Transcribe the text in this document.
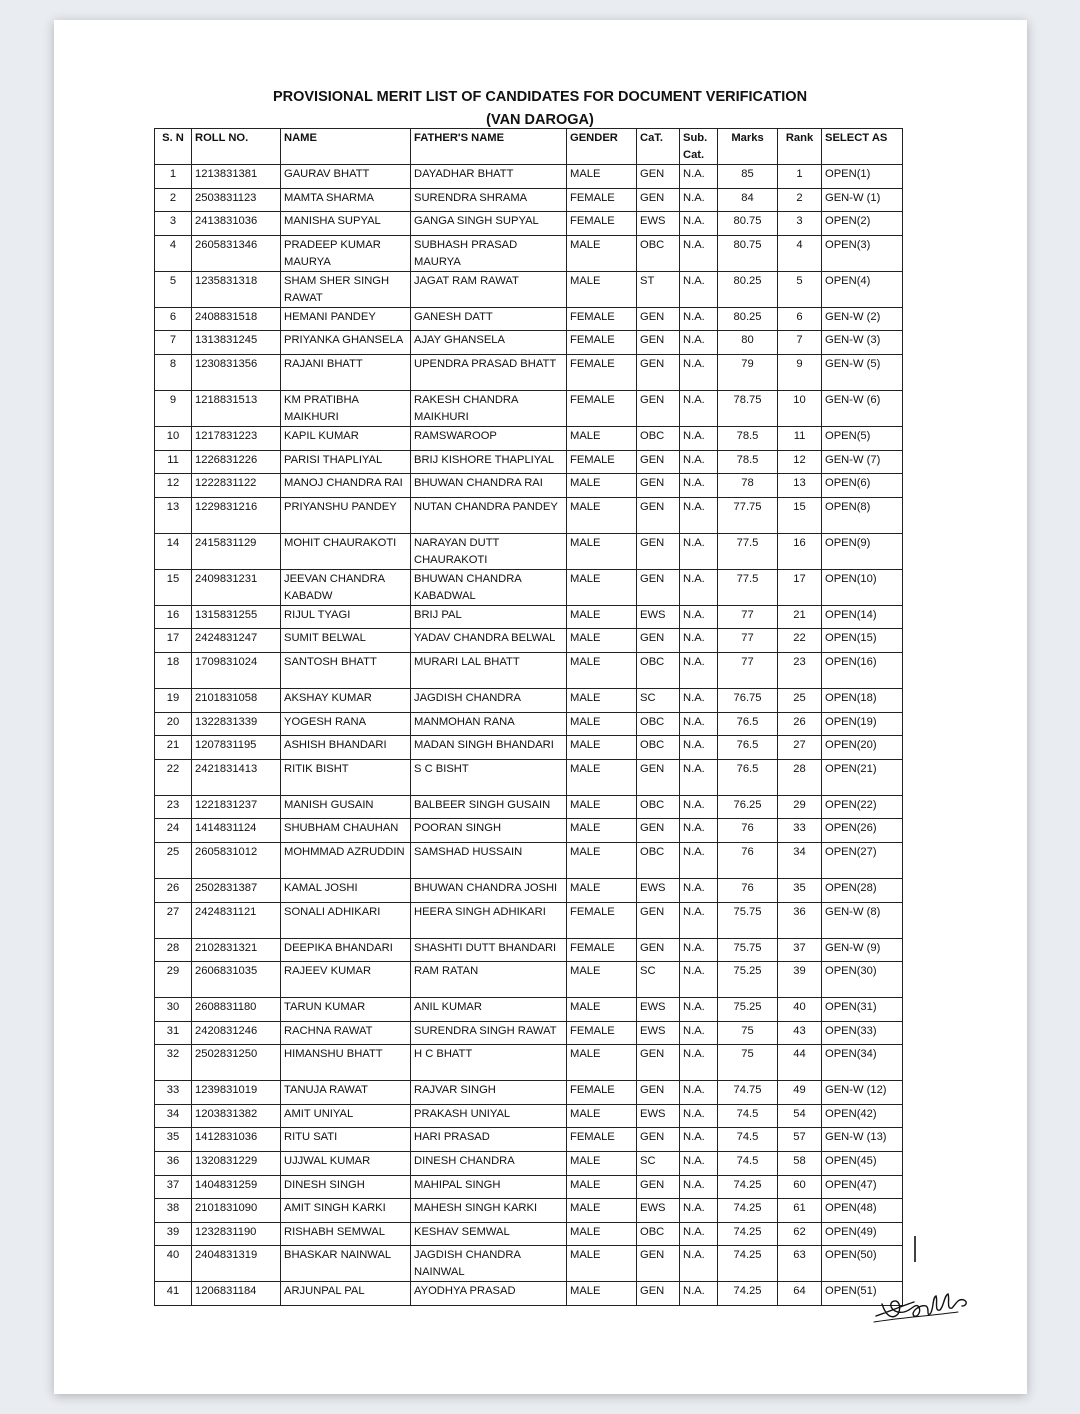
PROVISIONAL MERIT LIST OF CANDIDATES FOR DOCUMENT VERIFICATION
(VAN DAROGA)
S. N	ROLL NO.	NAME	FATHER'S NAME	GENDER	CaT.	Sub. Cat.	Marks	Rank	SELECT AS
1	1213831381	GAURAV BHATT	DAYADHAR BHATT	MALE	GEN	N.A.	85	1	OPEN(1)
2	2503831123	MAMTA SHARMA	SURENDRA SHRAMA	FEMALE	GEN	N.A.	84	2	GEN-W (1)
3	2413831036	MANISHA SUPYAL	GANGA SINGH SUPYAL	FEMALE	EWS	N.A.	80.75	3	OPEN(2)
4	2605831346	PRADEEP KUMAR MAURYA	SUBHASH PRASAD MAURYA	MALE	OBC	N.A.	80.75	4	OPEN(3)
5	1235831318	SHAM SHER SINGH RAWAT	JAGAT RAM RAWAT	MALE	ST	N.A.	80.25	5	OPEN(4)
6	2408831518	HEMANI PANDEY	GANESH DATT	FEMALE	GEN	N.A.	80.25	6	GEN-W (2)
7	1313831245	PRIYANKA GHANSELA	AJAY GHANSELA	FEMALE	GEN	N.A.	80	7	GEN-W (3)
8	1230831356	RAJANI BHATT	UPENDRA PRASAD BHATT	FEMALE	GEN	N.A.	79	9	GEN-W (5)
9	1218831513	KM PRATIBHA MAIKHURI	RAKESH CHANDRA MAIKHURI	FEMALE	GEN	N.A.	78.75	10	GEN-W (6)
10	1217831223	KAPIL KUMAR	RAMSWAROOP	MALE	OBC	N.A.	78.5	11	OPEN(5)
11	1226831226	PARISI THAPLIYAL	BRIJ KISHORE THAPLIYAL	FEMALE	GEN	N.A.	78.5	12	GEN-W (7)
12	1222831122	MANOJ CHANDRA RAI	BHUWAN CHANDRA RAI	MALE	GEN	N.A.	78	13	OPEN(6)
13	1229831216	PRIYANSHU PANDEY	NUTAN CHANDRA PANDEY	MALE	GEN	N.A.	77.75	15	OPEN(8)
14	2415831129	MOHIT CHAURAKOTI	NARAYAN DUTT CHAURAKOTI	MALE	GEN	N.A.	77.5	16	OPEN(9)
15	2409831231	JEEVAN CHANDRA KABADW	BHUWAN CHANDRA KABADWAL	MALE	GEN	N.A.	77.5	17	OPEN(10)
16	1315831255	RIJUL TYAGI	BRIJ PAL	MALE	EWS	N.A.	77	21	OPEN(14)
17	2424831247	SUMIT BELWAL	YADAV CHANDRA BELWAL	MALE	GEN	N.A.	77	22	OPEN(15)
18	1709831024	SANTOSH BHATT	MURARI LAL BHATT	MALE	OBC	N.A.	77	23	OPEN(16)
19	2101831058	AKSHAY KUMAR	JAGDISH CHANDRA	MALE	SC	N.A.	76.75	25	OPEN(18)
20	1322831339	YOGESH RANA	MANMOHAN RANA	MALE	OBC	N.A.	76.5	26	OPEN(19)
21	1207831195	ASHISH BHANDARI	MADAN SINGH BHANDARI	MALE	OBC	N.A.	76.5	27	OPEN(20)
22	2421831413	RITIK BISHT	S C BISHT	MALE	GEN	N.A.	76.5	28	OPEN(21)
23	1221831237	MANISH GUSAIN	BALBEER SINGH GUSAIN	MALE	OBC	N.A.	76.25	29	OPEN(22)
24	1414831124	SHUBHAM CHAUHAN	POORAN SINGH	MALE	GEN	N.A.	76	33	OPEN(26)
25	2605831012	MOHMMAD AZRUDDIN	SAMSHAD HUSSAIN	MALE	OBC	N.A.	76	34	OPEN(27)
26	2502831387	KAMAL JOSHI	BHUWAN CHANDRA JOSHI	MALE	EWS	N.A.	76	35	OPEN(28)
27	2424831121	SONALI ADHIKARI	HEERA SINGH ADHIKARI	FEMALE	GEN	N.A.	75.75	36	GEN-W (8)
28	2102831321	DEEPIKA BHANDARI	SHASHTI DUTT BHANDARI	FEMALE	GEN	N.A.	75.75	37	GEN-W (9)
29	2606831035	RAJEEV KUMAR	RAM RATAN	MALE	SC	N.A.	75.25	39	OPEN(30)
30	2608831180	TARUN KUMAR	ANIL KUMAR	MALE	EWS	N.A.	75.25	40	OPEN(31)
31	2420831246	RACHNA RAWAT	SURENDRA SINGH RAWAT	FEMALE	EWS	N.A.	75	43	OPEN(33)
32	2502831250	HIMANSHU BHATT	H C BHATT	MALE	GEN	N.A.	75	44	OPEN(34)
33	1239831019	TANUJA RAWAT	RAJVAR SINGH	FEMALE	GEN	N.A.	74.75	49	GEN-W (12)
34	1203831382	AMIT UNIYAL	PRAKASH UNIYAL	MALE	EWS	N.A.	74.5	54	OPEN(42)
35	1412831036	RITU SATI	HARI PRASAD	FEMALE	GEN	N.A.	74.5	57	GEN-W (13)
36	1320831229	UJJWAL KUMAR	DINESH CHANDRA	MALE	SC	N.A.	74.5	58	OPEN(45)
37	1404831259	DINESH SINGH	MAHIPAL SINGH	MALE	GEN	N.A.	74.25	60	OPEN(47)
38	2101831090	AMIT SINGH KARKI	MAHESH SINGH KARKI	MALE	EWS	N.A.	74.25	61	OPEN(48)
39	1232831190	RISHABH SEMWAL	KESHAV SEMWAL	MALE	OBC	N.A.	74.25	62	OPEN(49)
40	2404831319	BHASKAR NAINWAL	JAGDISH CHANDRA NAINWAL	MALE	GEN	N.A.	74.25	63	OPEN(50)
41	1206831184	ARJUNPAL PAL	AYODHYA PRASAD	MALE	GEN	N.A.	74.25	64	OPEN(51)
